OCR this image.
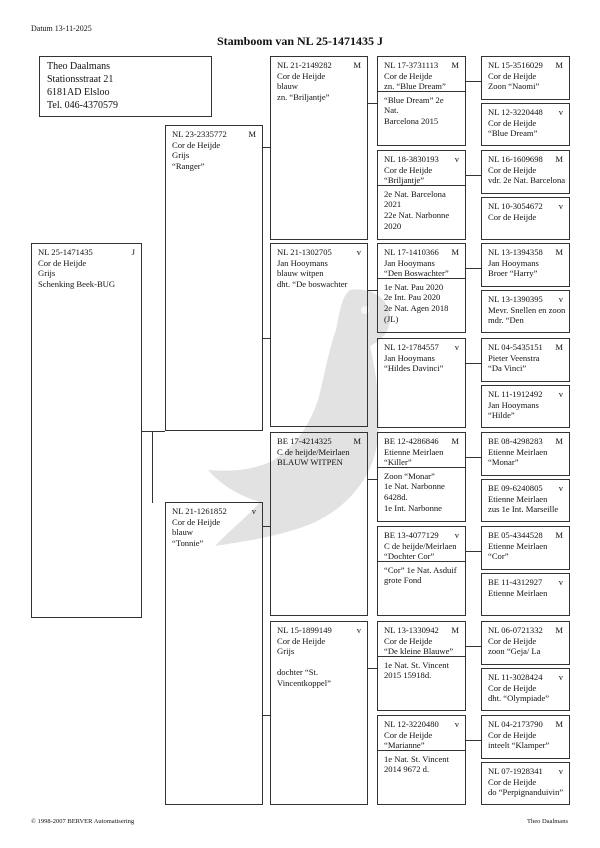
Datum 13-11-2025
Stamboom van NL 25-1471435 J
© 1998-2007 BERVER Automatisering	Theo Daalmans
Theo Daalmans
Stationsstraat 21
6181AD Elsloo
Tel. 046-4370579
NL 25-1471435	J
Cor de Heijde
Grijs
Schenking Beek-BUG
NL 23-2335772	M
Cor de Heijde
Grijs
“Ranger”
NL 21-1261852	v
Cor de Heijde
blauw
“Tonnie”
NL 21-2149282	M
Cor de Heijde
blauw
zn. “Briljantje”
NL 21-1302705	v
Jan Hooymans
blauw witpen
dht. “De boswachter
BE 17-4214325	M
C de heijde/Meirlaen
BLAUW WITPEN
NL 15-1899149	v
Cor de Heijde
Grijs

dochter “St.
Vincentkoppel”
NL 17-3731113 M
Cor de Heijde
zn. “Blue Dream”
“Blue Dream” 2e Nat.
Barcelona 2015
NL 18-3830193 v
Cor de Heijde
“Briljantje”
2e Nat. Barcelona
2021
22e Nat. Narbonne
2020
NL 17-1410366 M
Jan Hooymans
“Den Boswachter”
1e Nat. Pau 2020
2e Int. Pau 2020
2e Nat. Agen 2018
(JL)
NL 12-1784557 v
Jan Hooymans
“Hildes Davinci”
BE 12-4286846 M
Etienne Meirlaen
“Killer”
Zoon “Monar”
1e Nat. Narbonne
6428d.
1e Int. Narbonne
BE 13-4077129 v
C de heijde/Meirlaen
“Dochter Cor”
“Cor” 1e Nat. Asduif
grote Fond
NL 13-1330942 M
Cor de Heijde
“De kleine Blauwe”
1e Nat. St. Vincent
2015 15918d.
NL 12-3220480 v
Cor de Heijde
“Marianne”
1e Nat. St. Vincent
2014 9672 d.
NL 15-3516029 M
Cor de Heijde
Zoon “Naomi”
NL 12-3220448 v
Cor de Heijde
“Blue Dream”
NL 16-1609698 M
Cor de Heijde
vdr. 2e Nat. Barcelona
NL 10-3054672 v
Cor de Heijde
NL 13-1394358 M
Jan Hooymans
Broer “Harry”
NL 13-1390395 v
Mevr. Snellen en zoon
mdr. “Den
NL 04-5435151 M
Pieter Veenstra
“Da Vinci”
NL 11-1912492 v
Jan Hooymans
“Hilde”
BE 08-4298283 M
Etienne Meirlaen
“Monar”
BE 09-6240805 v
Etienne Meirlaen
zus 1e Int. Marseille
BE 05-4344528 M
Etienne Meirlaen
“Cor”
BE 11-4312927 v
Etienne Meirlaen
NL 06-0721332 M
Cor de Heijde
zoon “Geja/ La
NL 11-3028424 v
Cor de Heijde
dht. “Olympiade”
NL 04-2173790 M
Cor de Heijde
inteelt “Klamper”
NL 07-1928341 v
Cor de Heijde
do “Perpignanduivin”
